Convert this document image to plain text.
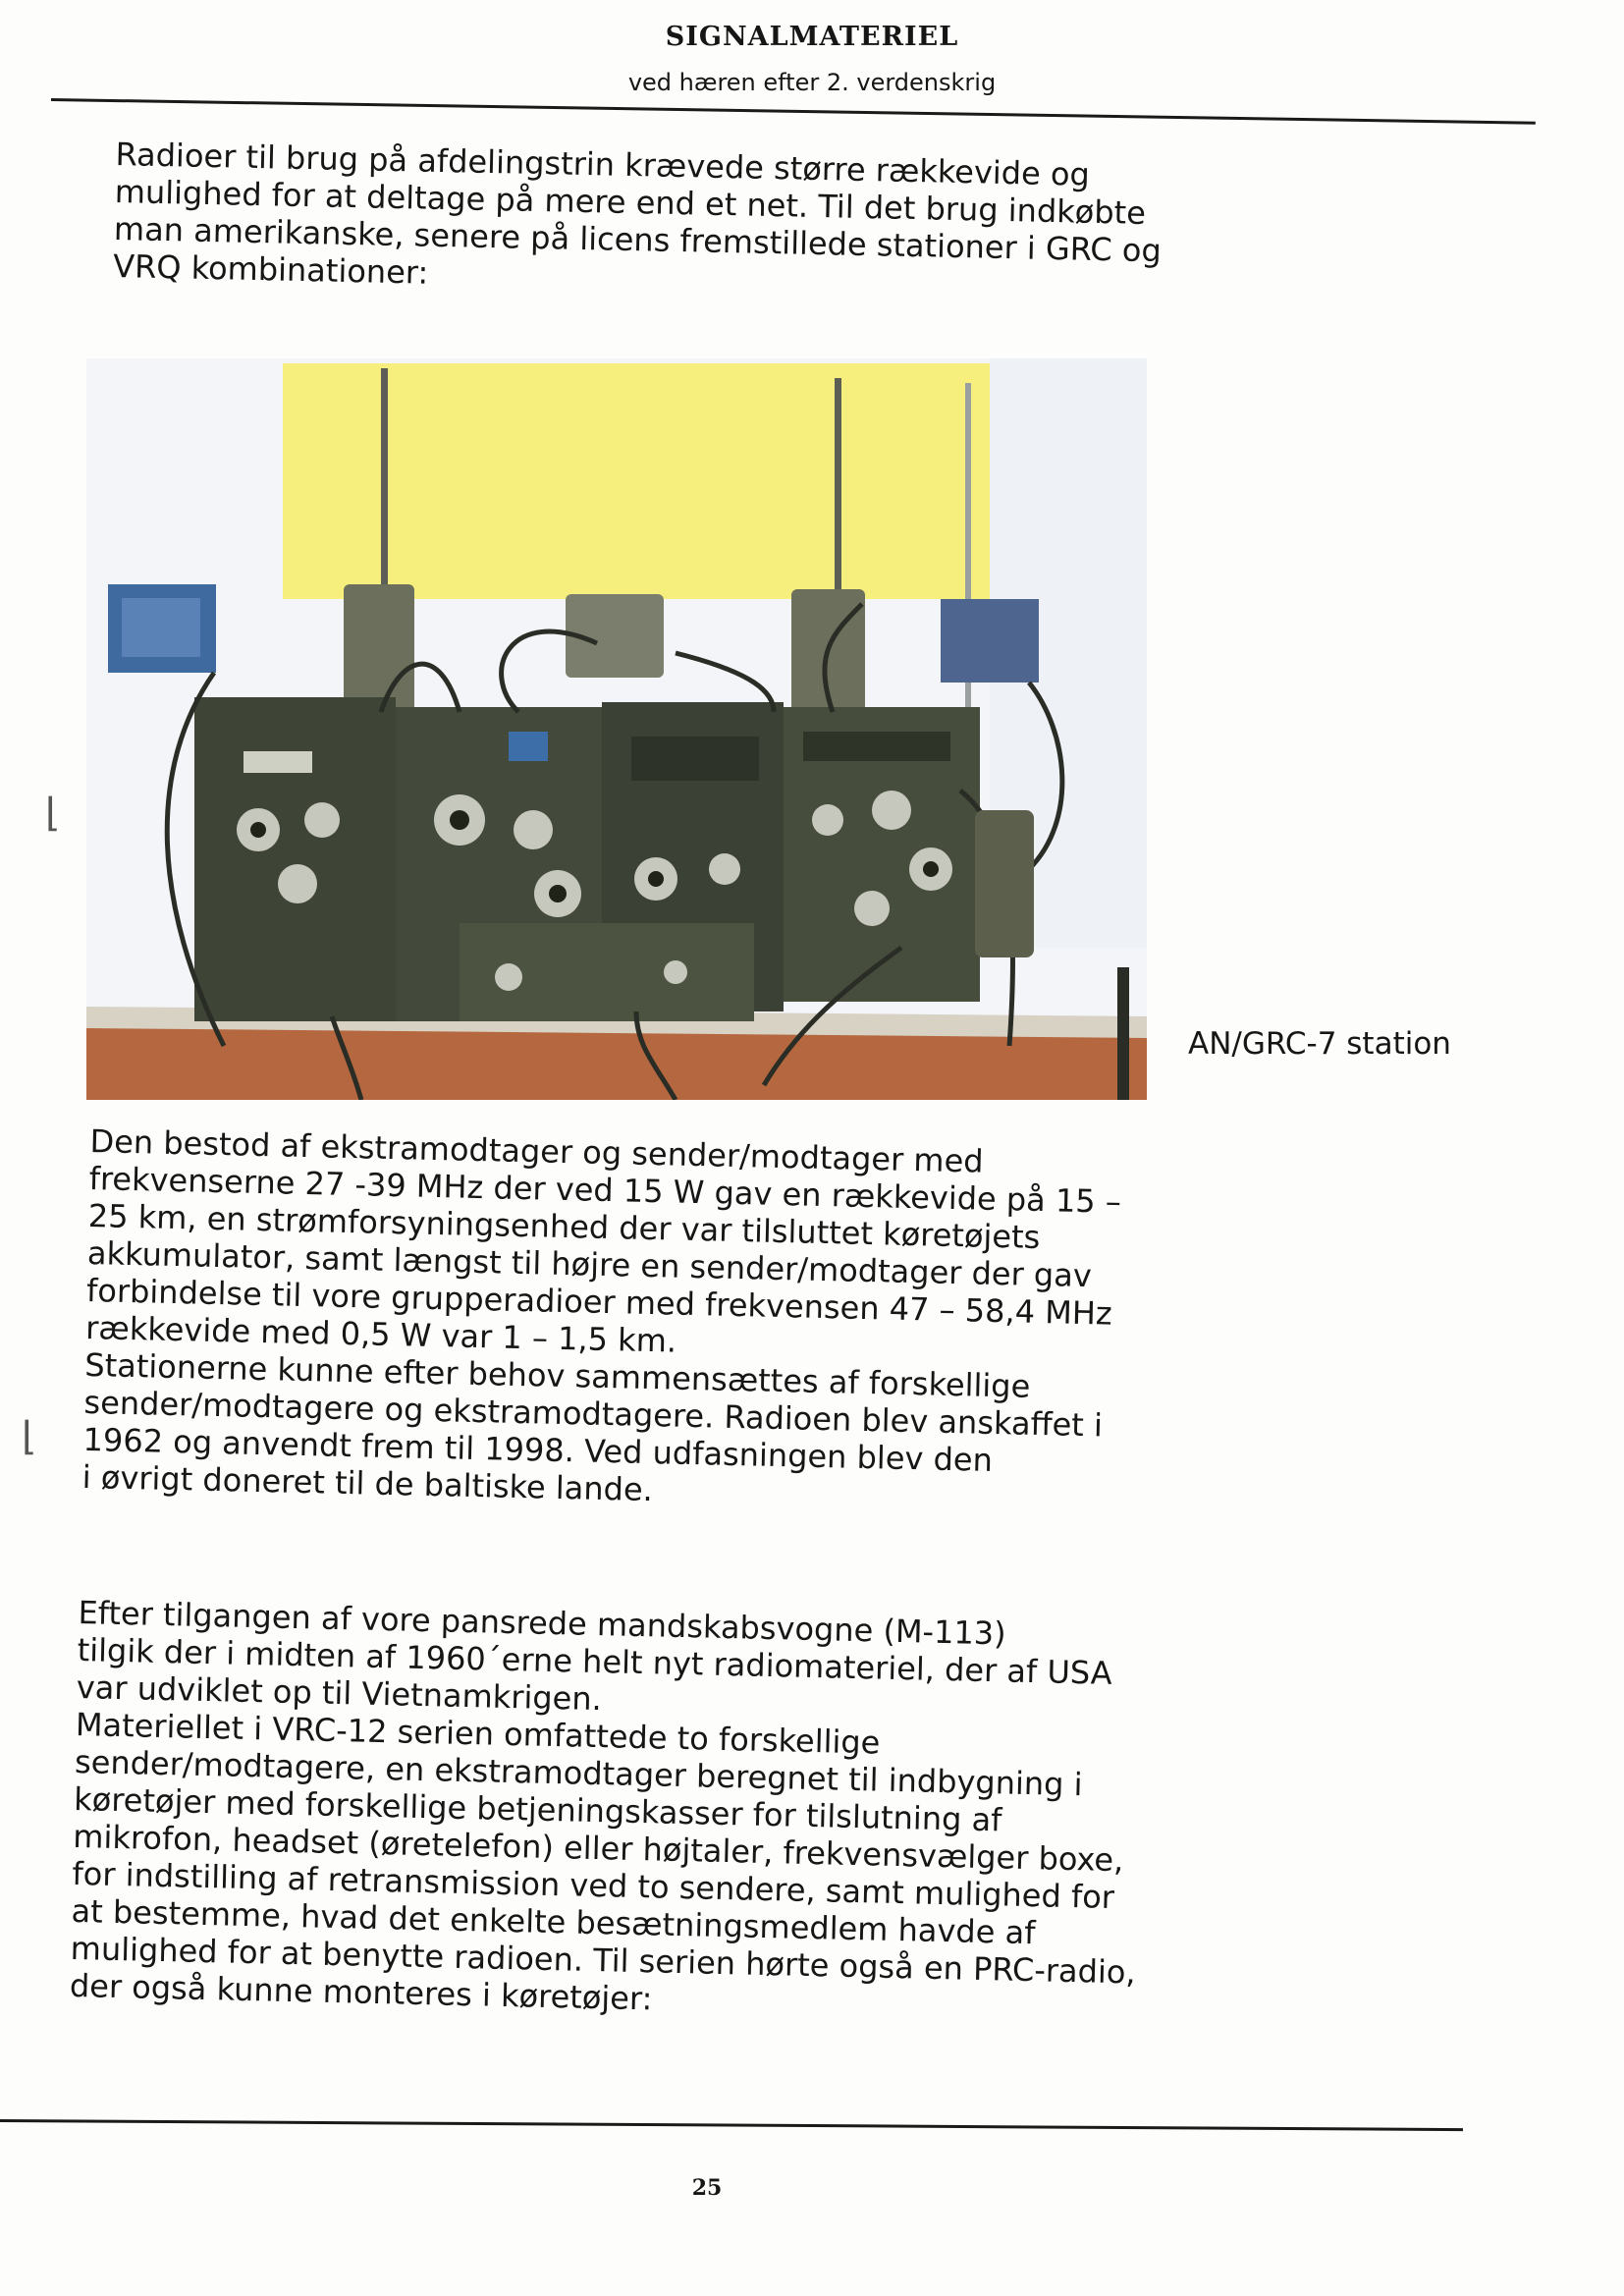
SIGNALMATERIEL
ved hæren efter 2. verdenskrig

Radioer til brug på afdelingstrin krævede større rækkevide og
mulighed for at deltage på mere end et net. Til det brug indkøbte
man amerikanske, senere på licens fremstillede stationer i GRC og
VRQ kombinationer:

AN/GRC-7 station

Den bestod af ekstramodtager og sender/modtager med
frekvenserne 27 -39 MHz der ved 15 W gav en rækkevide på 15 –
25 km, en strømforsyningsenhed der var tilsluttet køretøjets
akkumulator, samt længst til højre en sender/modtager der gav
forbindelse til vore grupperadioer med frekvensen 47 – 58,4 MHz
rækkevide med 0,5 W var 1 – 1,5 km.
Stationerne kunne efter behov sammensættes af forskellige
sender/modtagere og ekstramodtagere. Radioen blev anskaffet i
1962 og anvendt frem til 1998. Ved udfasningen blev den
i øvrigt doneret til de baltiske lande.

Efter tilgangen af vore pansrede mandskabsvogne (M-113)
tilgik der i midten af 1960´erne helt nyt radiomateriel, der af USA
var udviklet op til Vietnamkrigen.
Materiellet i VRC-12 serien omfattede to forskellige
sender/modtagere, en ekstramodtager beregnet til indbygning i
køretøjer med forskellige betjeningskasser for tilslutning af
mikrofon, headset (øretelefon) eller højtaler, frekvensvælger boxe,
for indstilling af retransmission ved to sendere, samt mulighed for
at bestemme, hvad det enkelte besætningsmedlem havde af
mulighed for at benytte radioen. Til serien hørte også en PRC-radio,
der også kunne monteres i køretøjer:

25
⌊
⌊
